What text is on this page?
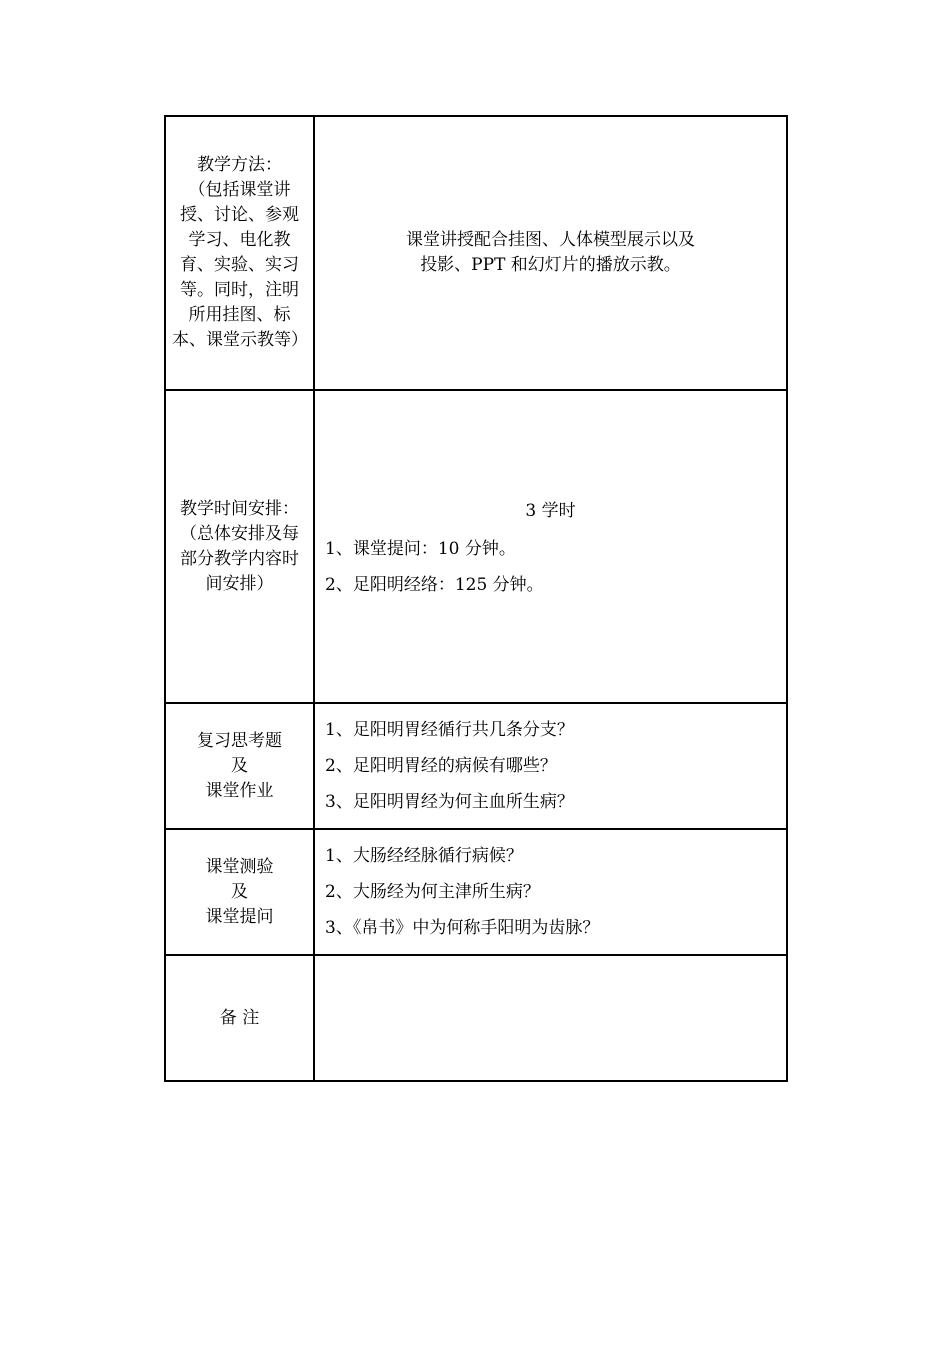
教学方法：
（包括课堂讲授、讨论、参观学习、电化教育、实验、实习等。同时，注明所用挂图、标本、课堂示教等）	课堂讲授配合挂图、人体模型展示以及
投影、PPT 和幻灯片的播放示教。

教学时间安排：
（总体安排及每部分教学内容时间安排）	3 学时
1、课堂提问：10 分钟。
2、足阳明经络：125 分钟。

复习思考题
及
课堂作业	1、足阳明胃经循行共几条分支？
2、足阳明胃经的病候有哪些？
3、足阳明胃经为何主血所生病？

课堂测验
及
课堂提问	1、大肠经经脉循行病候？
2、大肠经为何主津所生病？
3、《帛书》中为何称手阳明为齿脉？

备 注	
